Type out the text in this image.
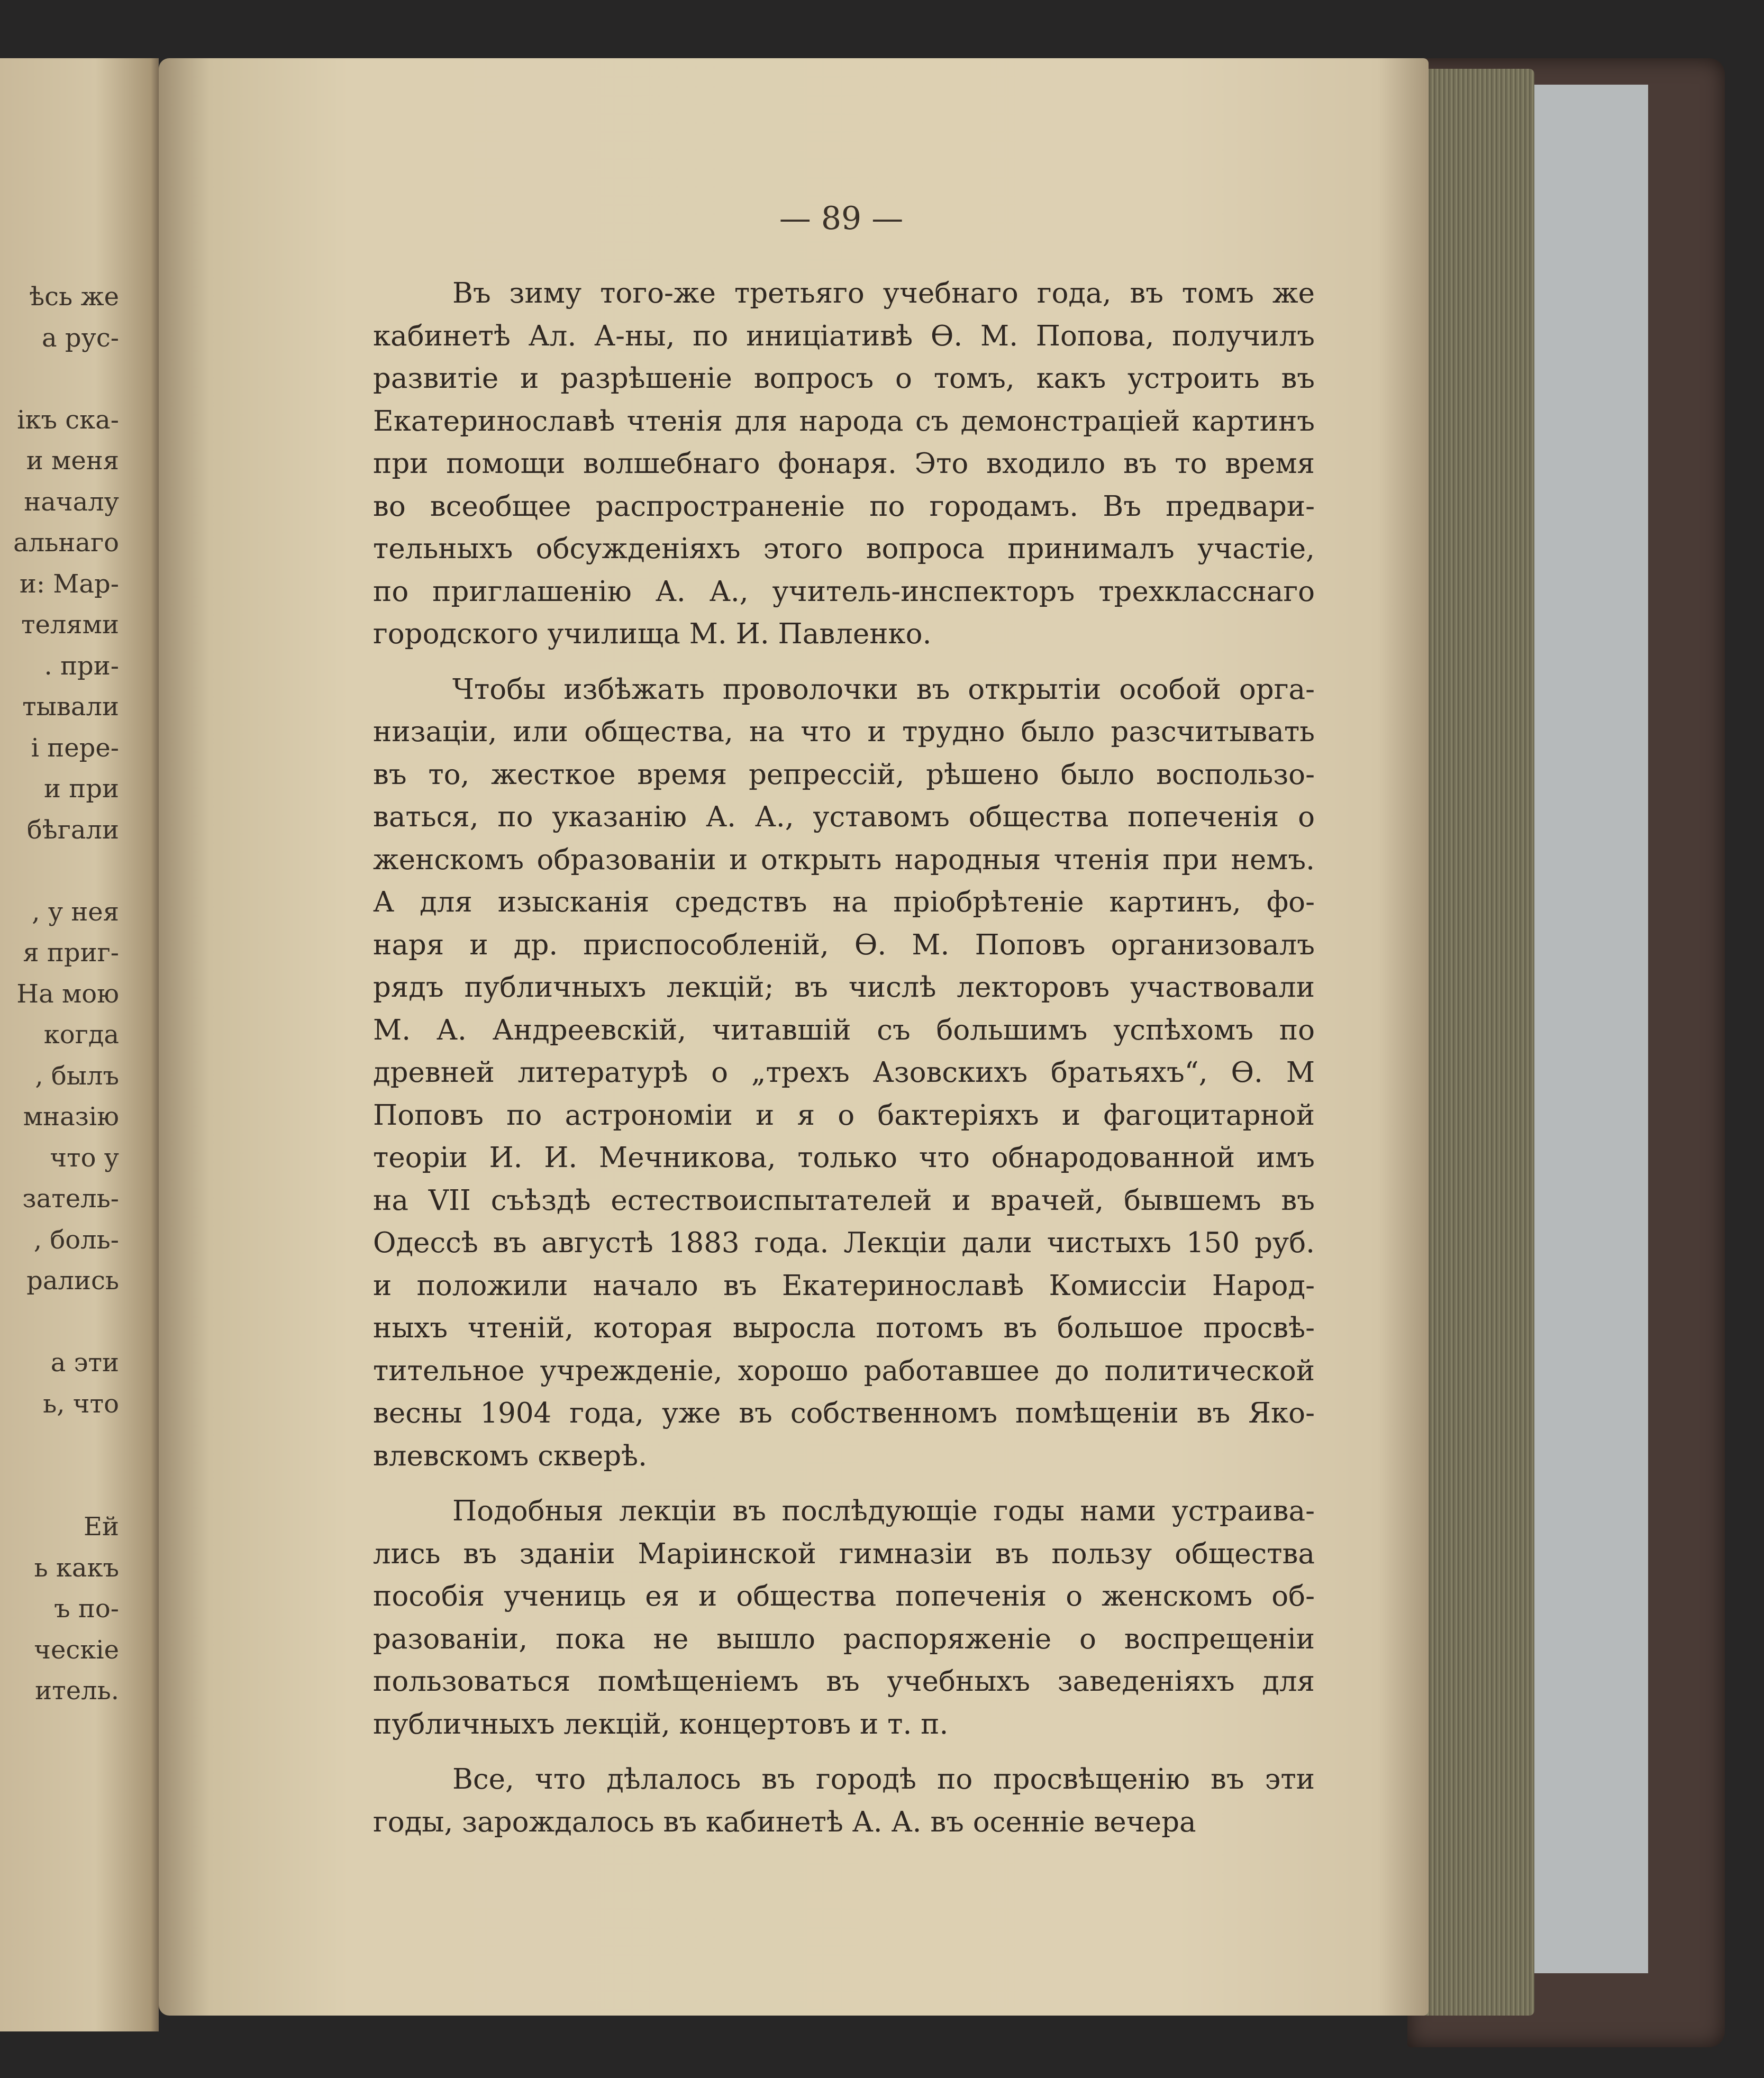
ѣсь же
а рус-
ікъ ска-
и меня
началу
альнаго
и: Мар-
телями
. при-
тывали
і пере-
и при
бѣгали
, у нея
я приг-
На мою
когда
, былъ
мназію
что у
затель-
, боль-
рались
а эти
ь, что
Ей
ь какъ
ъ по-
ческіе
итель.
— 89 —
Въ зиму того-же третьяго учебнаго года, въ томъ же
кабинетѣ Ал. А-ны, по иниціативѣ Ѳ. М. Попова, получилъ
развитіе и разрѣшеніе вопросъ о томъ, какъ устроить въ
Екатеринославѣ чтенія для народа съ демонстраціей картинъ
при помощи волшебнаго фонаря. Это входило въ то время
во всеобщее распространеніе по городамъ. Въ предвари-
тельныхъ обсужденіяхъ этого вопроса принималъ участіе,
по приглашенію А. А., учитель-инспекторъ трехкласснаго
городского училища М. И. Павленко.
Чтобы избѣжать проволочки въ открытіи особой орга-
низаціи, или общества, на что и трудно было разсчитывать
въ то, жесткое время репрессій, рѣшено было воспользо-
ваться, по указанію А. А., уставомъ общества попеченія о
женскомъ образованіи и открыть народныя чтенія при немъ.
А для изысканія средствъ на пріобрѣтеніе картинъ, фо-
наря и др. приспособленій, Ѳ. М. Поповъ организовалъ
рядъ публичныхъ лекцій; въ числѣ лекторовъ участвовали
М. А. Андреевскій, читавшій съ большимъ успѣхомъ по
древней литературѣ о „трехъ Азовскихъ братьяхъ“, Ѳ. М
Поповъ по астрономіи и я о бактеріяхъ и фагоцитарной
теоріи И. И. Мечникова, только что обнародованной имъ
на VII съѣздѣ естествоиспытателей и врачей, бывшемъ въ
Одессѣ въ августѣ 1883 года. Лекціи дали чистыхъ 150 руб.
и положили начало въ Екатеринославѣ Комиссіи Народ-
ныхъ чтеній, которая выросла потомъ въ большое просвѣ-
тительное учрежденіе, хорошо работавшее до политической
весны 1904 года, уже въ собственномъ помѣщеніи въ Яко-
влевскомъ скверѣ.
Подобныя лекціи въ послѣдующіе годы нами устраива-
лись въ зданіи Маріинской гимназіи въ пользу общества
пособія учениць ея и общества попеченія о женскомъ об-
разованіи, пока не вышло распоряженіе о воспрещеніи
пользоваться помѣщеніемъ въ учебныхъ заведеніяхъ для
публичныхъ лекцій, концертовъ и т. п.
Все, что дѣлалось въ городѣ по просвѣщенію въ эти
годы, зарождалось въ кабинетѣ А. А. въ осенніе вечера
